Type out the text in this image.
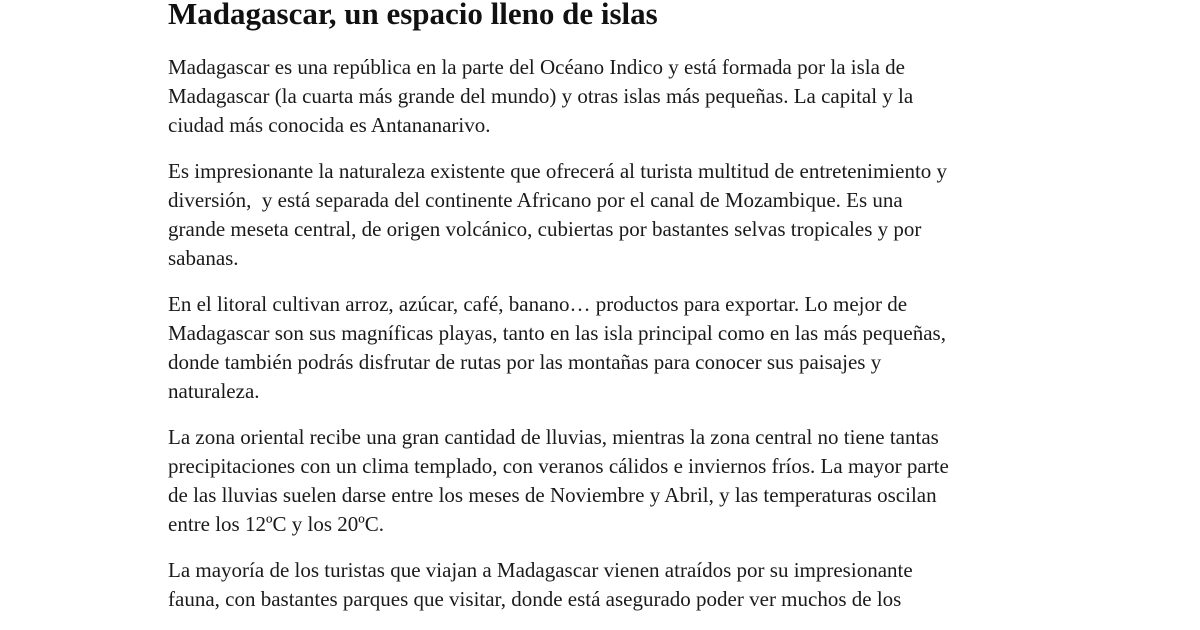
Madagascar, un espacio lleno de islas

Madagascar es una república en la parte del Océano Indico y está formada por la isla de
Madagascar (la cuarta más grande del mundo) y otras islas más pequeñas. La capital y la
ciudad más conocida es Antananarivo.

Es impresionante la naturaleza existente que ofrecerá al turista multitud de entretenimiento y
diversión,  y está separada del continente Africano por el canal de Mozambique. Es una
grande meseta central, de origen volcánico, cubiertas por bastantes selvas tropicales y por
sabanas.

En el litoral cultivan arroz, azúcar, café, banano… productos para exportar. Lo mejor de
Madagascar son sus magníficas playas, tanto en las isla principal como en las más pequeñas,
donde también podrás disfrutar de rutas por las montañas para conocer sus paisajes y
naturaleza.

La zona oriental recibe una gran cantidad de lluvias, mientras la zona central no tiene tantas
precipitaciones con un clima templado, con veranos cálidos e inviernos fríos. La mayor parte
de las lluvias suelen darse entre los meses de Noviembre y Abril, y las temperaturas oscilan
entre los 12ºC y los 20ºC.

La mayoría de los turistas que viajan a Madagascar vienen atraídos por su impresionante
fauna, con bastantes parques que visitar, donde está asegurado poder ver muchos de los
